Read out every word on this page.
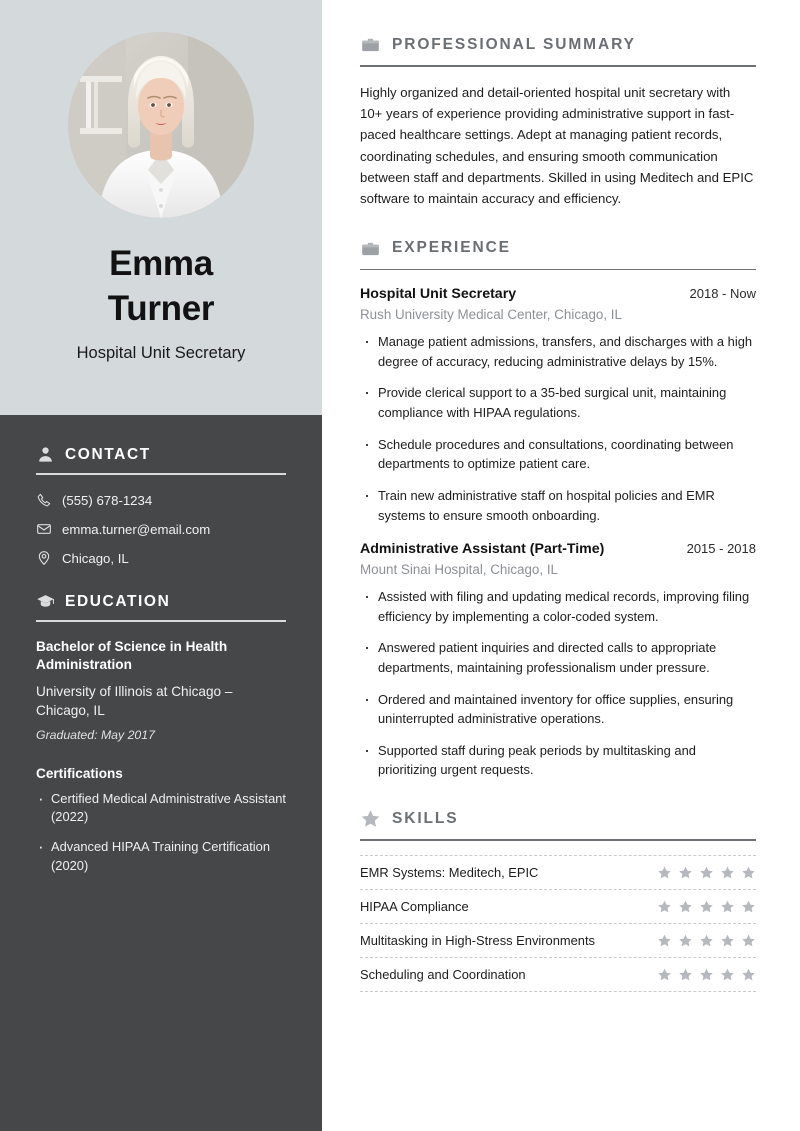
Emma
Turner
Hospital Unit Secretary
CONTACT
(555) 678-1234
emma.turner@email.com
Chicago, IL
EDUCATION
Bachelor of Science in Health Administration
University of Illinois at Chicago – Chicago, IL
Graduated: May 2017
Certifications
· Certified Medical Administrative Assistant (2022)
· Advanced HIPAA Training Certification (2020)
PROFESSIONAL SUMMARY

Highly organized and detail-oriented hospital unit secretary with 10+ years of experience providing administrative support in fast-paced healthcare settings. Adept at managing patient records, coordinating schedules, and ensuring smooth communication between staff and departments. Skilled in using Meditech and EPIC software to maintain accuracy and efficiency.

EXPERIENCE
Hospital Unit Secretary	2018 - Now
Rush University Medical Center, Chicago, IL
· Manage patient admissions, transfers, and discharges with a high degree of accuracy, reducing administrative delays by 15%.
· Provide clerical support to a 35-bed surgical unit, maintaining compliance with HIPAA regulations.
· Schedule procedures and consultations, coordinating between departments to optimize patient care.
· Train new administrative staff on hospital policies and EMR systems to ensure smooth onboarding.
Administrative Assistant (Part-Time)	2015 - 2018
Mount Sinai Hospital, Chicago, IL
· Assisted with filing and updating medical records, improving filing efficiency by implementing a color-coded system.
· Answered patient inquiries and directed calls to appropriate departments, maintaining professionalism under pressure.
· Ordered and maintained inventory for office supplies, ensuring uninterrupted administrative operations.
· Supported staff during peak periods by multitasking and prioritizing urgent requests.
SKILLS
EMR Systems: Meditech, EPIC
HIPAA Compliance
Multitasking in High-Stress Environments
Scheduling and Coordination
